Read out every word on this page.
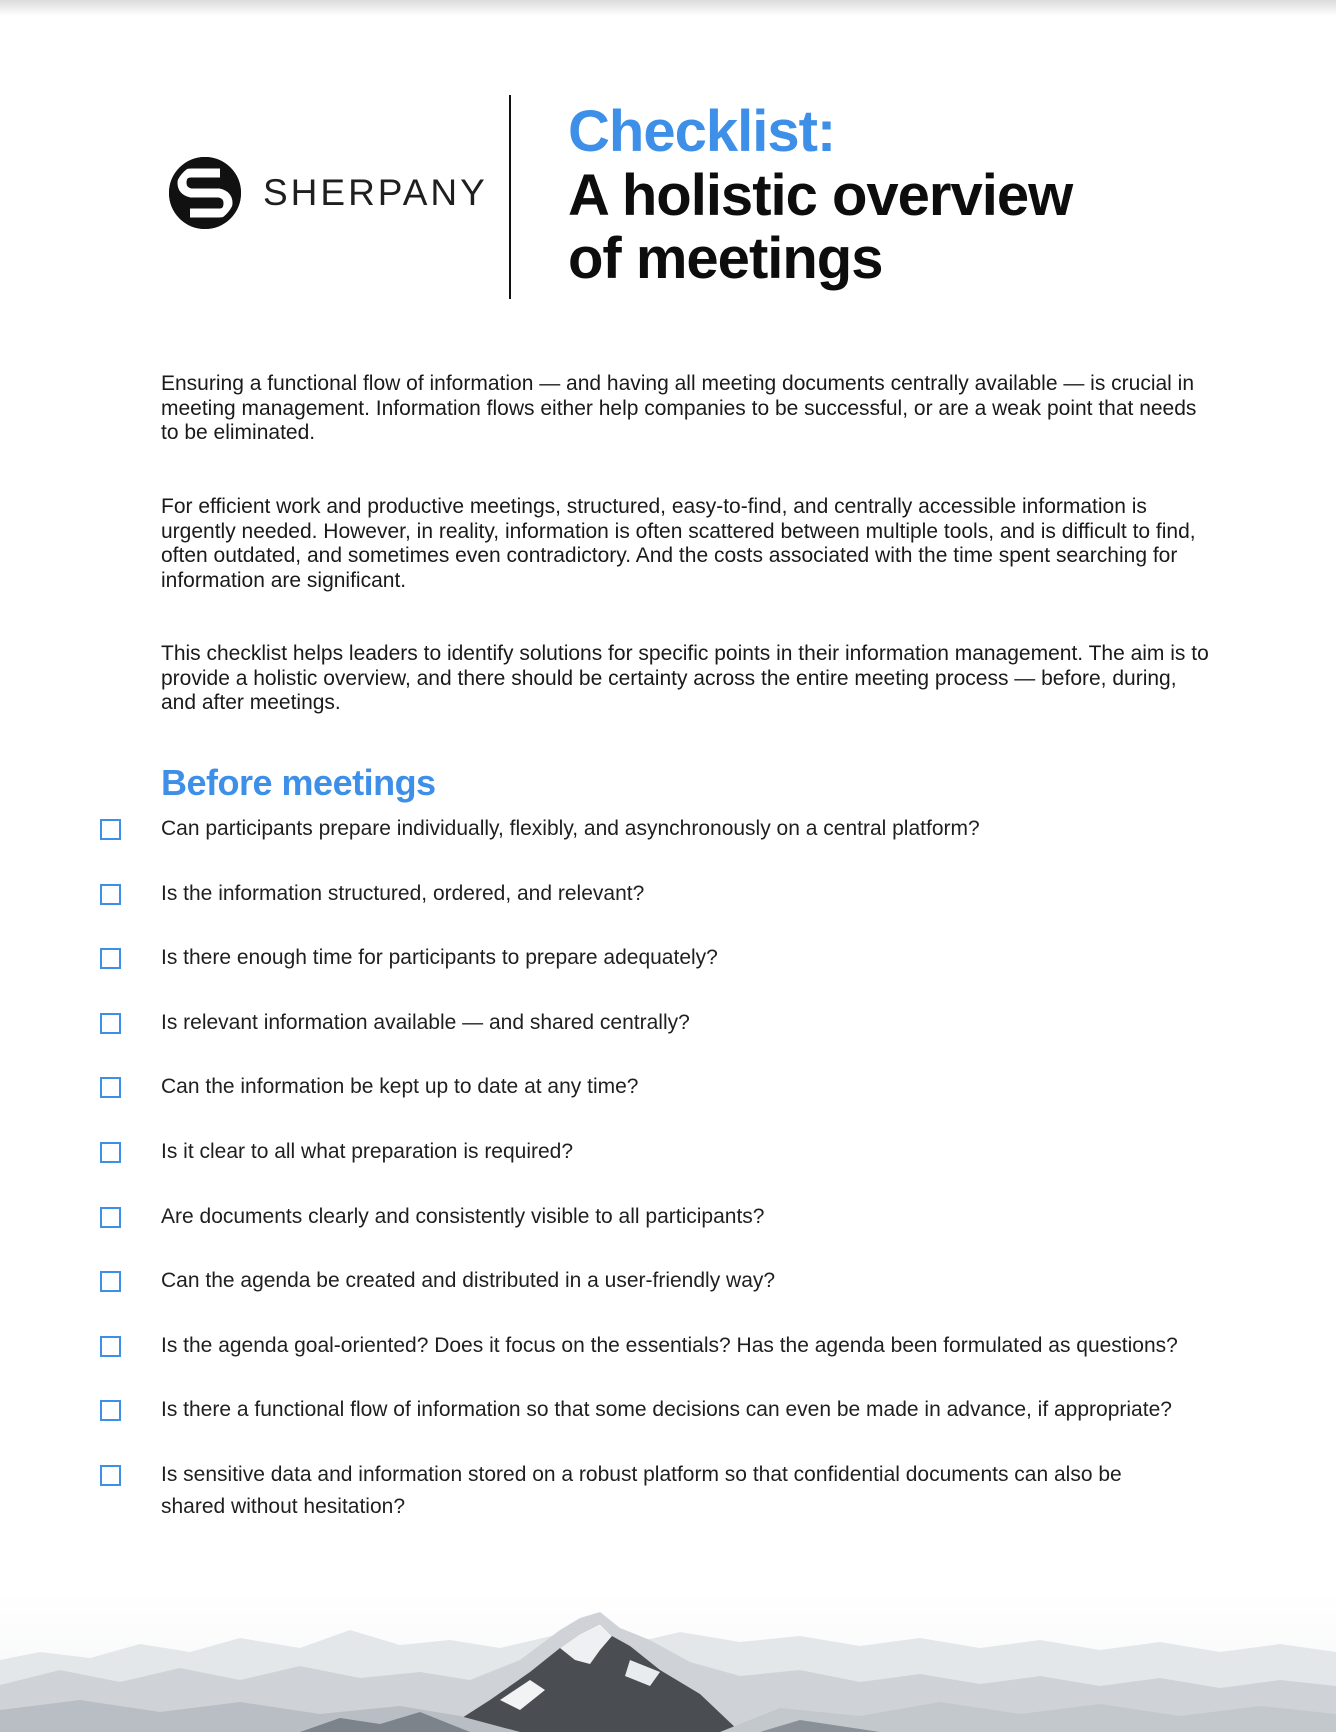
SHERPANY
Checklist:
A holistic overview
of meetings
Ensuring a functional flow of information — and having all meeting documents centrally available — is crucial in meeting management. Information flows either help companies to be successful, or are a weak point that needs to be eliminated.
For efficient work and productive meetings, structured, easy-to-find, and centrally accessible information is urgently needed. However, in reality, information is often scattered between multiple tools, and is difficult to find, often outdated, and sometimes even contradictory. And the costs associated with the time spent searching for information are significant.
This checklist helps leaders to identify solutions for specific points in their information management. The aim is to provide a holistic overview, and there should be certainty across the entire meeting process — before, during, and after meetings.
Before meetings
Can participants prepare individually, flexibly, and asynchronously on a central platform?
Is the information structured, ordered, and relevant?
Is there enough time for participants to prepare adequately?
Is relevant information available — and shared centrally?
Can the information be kept up to date at any time?
Is it clear to all what preparation is required?
Are documents clearly and consistently visible to all participants?
Can the agenda be created and distributed in a user-friendly way?
Is the agenda goal-oriented? Does it focus on the essentials? Has the agenda been formulated as questions?
Is there a functional flow of information so that some decisions can even be made in advance, if appropriate?
Is sensitive data and information stored on a robust platform so that confidential documents can also be shared without hesitation?
